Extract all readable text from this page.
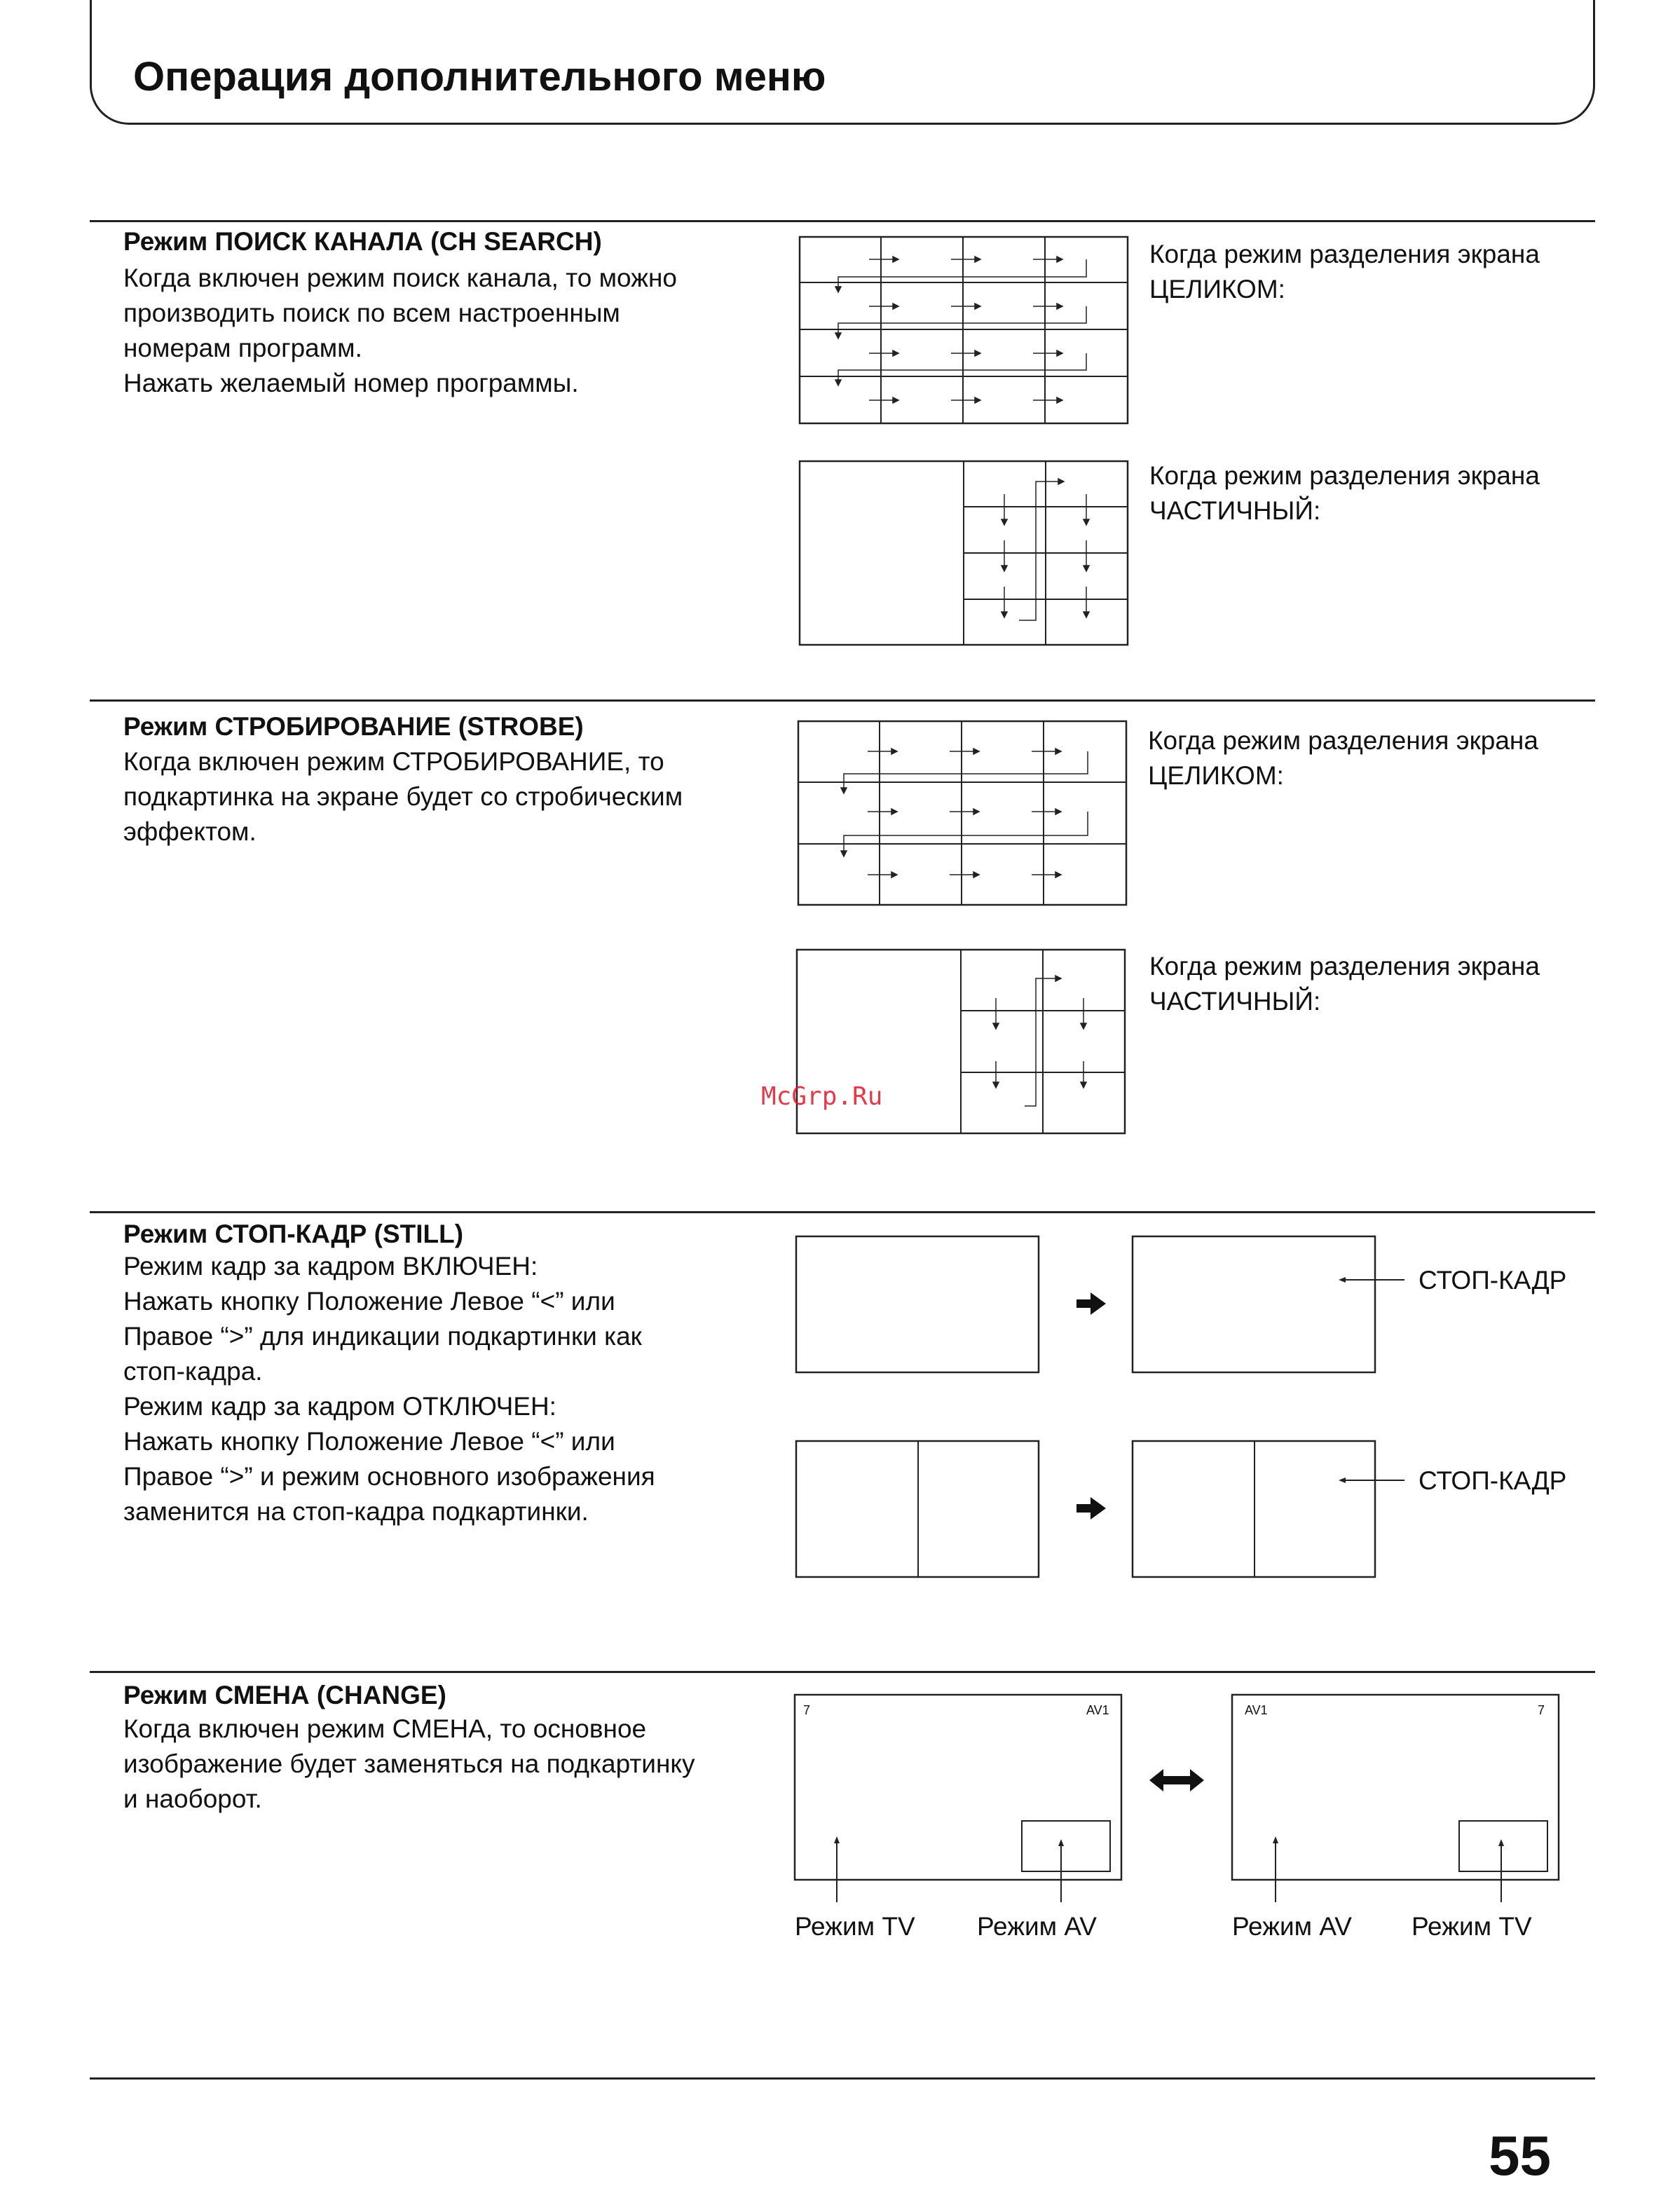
Операция дополнительного меню
Режим ПОИСК КАНАЛА (CH SEARCH)
Когда включен режим поиск канала, то можно
производить поиск по всем настроенным
номерам программ.
Нажать желаемый номер программы.
Когда режим разделения экрана
ЦЕЛИКОМ:
Когда режим разделения экрана
ЧАСТИЧНЫЙ:
Режим СТРОБИРОВАНИЕ (STROBE)
Когда включен режим СТРОБИРОВАНИЕ, то
подкартинка на экране будет со стробическим
эффектом.
Когда режим разделения экрана
ЦЕЛИКОМ:
Когда режим разделения экрана
ЧАСТИЧНЫЙ:
McGrp.Ru
Режим СТОП-КАДР (STILL)
Режим кадр за кадром ВКЛЮЧЕН:
Нажать кнопку Положение Левое “<” или
Правое “>” для индикации подкартинки как
стоп-кадра.
Режим кадр за кадром ОТКЛЮЧЕН:
Нажать кнопку Положение Левое “<” или
Правое “>” и режим основного изображения
заменится на стоп-кадра подкартинки.
СТОП-КАДР
СТОП-КАДР
Режим СМЕНА (CHANGE)
Когда включен режим СМЕНА, то основное
изображение будет заменяться на подкартинку
и наоборот.
7	AV1	AV1	7
Режим TV Режим AV	Режим AV Режим TV
55
